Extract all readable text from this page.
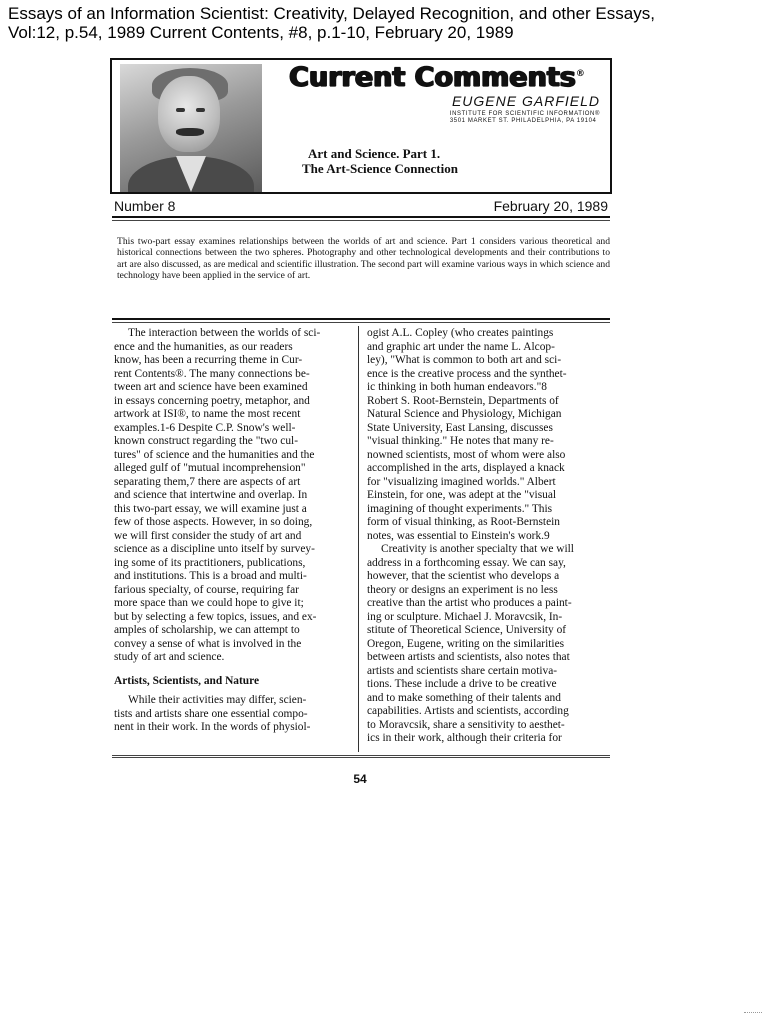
Essays of an Information Scientist: Creativity, Delayed Recognition, and other Essays,
Vol:12, p.54, 1989 Current Contents, #8, p.1-10, February 20, 1989
Current Comments®
EUGENE GARFIELD
INSTITUTE FOR SCIENTIFIC INFORMATION®
3501 MARKET ST. PHILADELPHIA, PA 19104
Art and Science. Part 1.
The Art-Science Connection
Number 8	February 20, 1989
This two-part essay examines relationships between the worlds of art and science. Part 1 considers various theoretical and historical connections between the two spheres. Photography and other technological developments and their contributions to art are also discussed, as are medical and scientific illustration. The second part will examine various ways in which science and technology have been applied in the service of art.
The interaction between the worlds of sci-
ence and the humanities, as our readers
know, has been a recurring theme in Cur-
rent Contents®. The many connections be-
tween art and science have been examined
in essays concerning poetry, metaphor, and
artwork at ISI®, to name the most recent
examples.1-6 Despite C.P. Snow's well-
known construct regarding the "two cul-
tures" of science and the humanities and the
alleged gulf of "mutual incomprehension"
separating them,7 there are aspects of art
and science that intertwine and overlap. In
this two-part essay, we will examine just a
few of those aspects. However, in so doing,
we will first consider the study of art and
science as a discipline unto itself by survey-
ing some of its practitioners, publications,
and institutions. This is a broad and multi-
farious specialty, of course, requiring far
more space than we could hope to give it;
but by selecting a few topics, issues, and ex-
amples of scholarship, we can attempt to
convey a sense of what is involved in the
study of art and science.
Artists, Scientists, and Nature
While their activities may differ, scien-
tists and artists share one essential compo-
nent in their work. In the words of physiol-
ogist A.L. Copley (who creates paintings
and graphic art under the name L. Alcop-
ley), "What is common to both art and sci-
ence is the creative process and the synthet-
ic thinking in both human endeavors."8
Robert S. Root-Bernstein, Departments of
Natural Science and Physiology, Michigan
State University, East Lansing, discusses
"visual thinking." He notes that many re-
nowned scientists, most of whom were also
accomplished in the arts, displayed a knack
for "visualizing imagined worlds." Albert
Einstein, for one, was adept at the "visual
imagining of thought experiments." This
form of visual thinking, as Root-Bernstein
notes, was essential to Einstein's work.9
Creativity is another specialty that we will
address in a forthcoming essay. We can say,
however, that the scientist who develops a
theory or designs an experiment is no less
creative than the artist who produces a paint-
ing or sculpture. Michael J. Moravcsik, In-
stitute of Theoretical Science, University of
Oregon, Eugene, writing on the similarities
between artists and scientists, also notes that
artists and scientists share certain motiva-
tions. These include a drive to be creative
and to make something of their talents and
capabilities. Artists and scientists, according
to Moravcsik, share a sensitivity to aesthet-
ics in their work, although their criteria for
54
